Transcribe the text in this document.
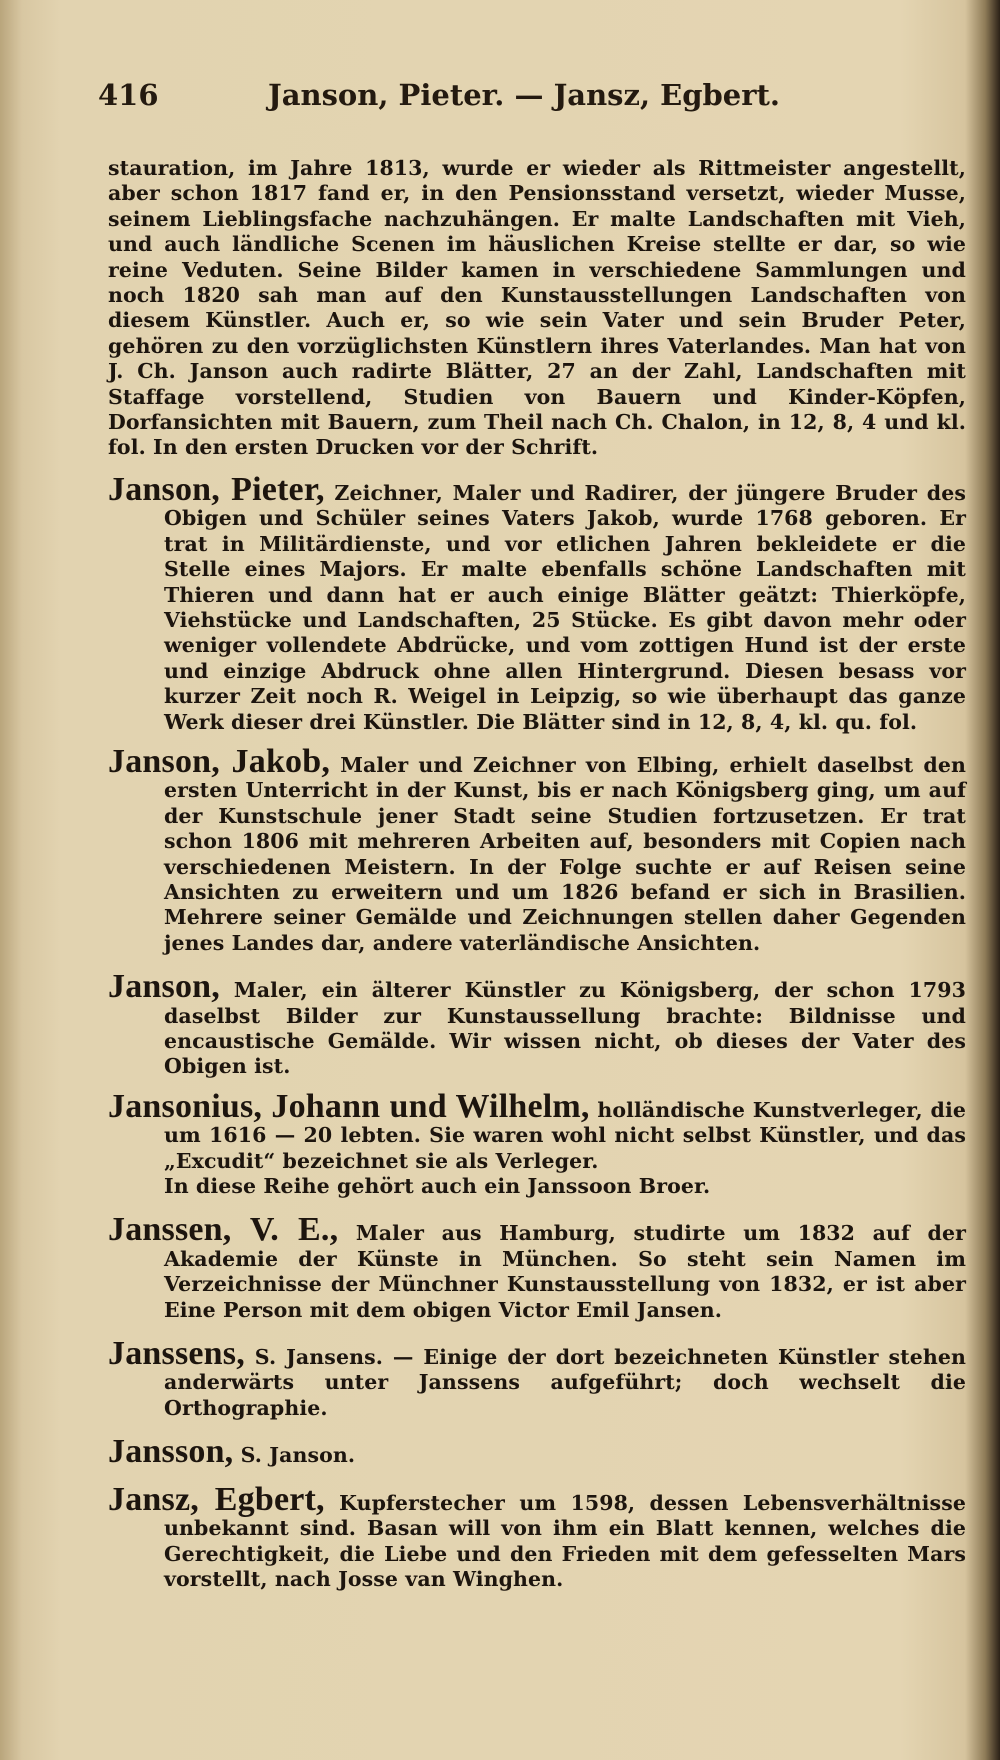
416	Janson, Pieter. — Jansz, Egbert.

stauration, im Jahre 1813, wurde er wieder als Rittmeister angestellt, aber schon 1817 fand er, in den Pensionsstand versetzt, wieder Musse, seinem Lieblingsfache nachzuhängen. Er malte Landschaften mit Vieh, und auch ländliche Scenen im häuslichen Kreise stellte er dar, so wie reine Veduten. Seine Bilder kamen in verschiedene Sammlungen und noch 1820 sah man auf den Kunstausstellungen Landschaften von diesem Künstler. Auch er, so wie sein Vater und sein Bruder Peter, gehören zu den vorzüglichsten Künstlern ihres Vaterlandes. Man hat von J. Ch. Janson auch radirte Blätter, 27 an der Zahl, Landschaften mit Staffage vorstellend, Studien von Bauern und Kinder-Köpfen, Dorfansichten mit Bauern, zum Theil nach Ch. Chalon, in 12, 8, 4 und kl. fol. In den ersten Drucken vor der Schrift.

Janson, Pieter, Zeichner, Maler und Radirer, der jüngere Bruder des Obigen und Schüler seines Vaters Jakob, wurde 1768 geboren. Er trat in Militärdienste, und vor etlichen Jahren bekleidete er die Stelle eines Majors. Er malte ebenfalls schöne Landschaften mit Thieren und dann hat er auch einige Blätter geätzt: Thierköpfe, Viehstücke und Landschaften, 25 Stücke. Es gibt davon mehr oder weniger vollendete Abdrücke, und vom zottigen Hund ist der erste und einzige Abdruck ohne allen Hintergrund. Diesen besass vor kurzer Zeit noch R. Weigel in Leipzig, so wie überhaupt das ganze Werk dieser drei Künstler. Die Blätter sind in 12, 8, 4, kl. qu. fol.

Janson, Jakob, Maler und Zeichner von Elbing, erhielt daselbst den ersten Unterricht in der Kunst, bis er nach Königsberg ging, um auf der Kunstschule jener Stadt seine Studien fortzusetzen. Er trat schon 1806 mit mehreren Arbeiten auf, besonders mit Copien nach verschiedenen Meistern. In der Folge suchte er auf Reisen seine Ansichten zu erweitern und um 1826 befand er sich in Brasilien. Mehrere seiner Gemälde und Zeichnungen stellen daher Gegenden jenes Landes dar, andere vaterländische Ansichten.

Janson, Maler, ein älterer Künstler zu Königsberg, der schon 1793 daselbst Bilder zur Kunstaussellung brachte: Bildnisse und encaustische Gemälde. Wir wissen nicht, ob dieses der Vater des Obigen ist.

Jansonius, Johann und Wilhelm, holländische Kunstverleger, die um 1616 — 20 lebten. Sie waren wohl nicht selbst Künstler, und das „Excudit“ bezeichnet sie als Verleger.
In diese Reihe gehört auch ein Janssoon Broer.

Janssen, V. E., Maler aus Hamburg, studirte um 1832 auf der Akademie der Künste in München. So steht sein Namen im Verzeichnisse der Münchner Kunstausstellung von 1832, er ist aber Eine Person mit dem obigen Victor Emil Jansen.

Janssens, S. Jansens. — Einige der dort bezeichneten Künstler stehen anderwärts unter Janssens aufgeführt; doch wechselt die Orthographie.

Jansson, S. Janson.

Jansz, Egbert, Kupferstecher um 1598, dessen Lebensverhältnisse unbekannt sind. Basan will von ihm ein Blatt kennen, welches die Gerechtigkeit, die Liebe und den Frieden mit dem gefesselten Mars vorstellt, nach Josse van Winghen.
